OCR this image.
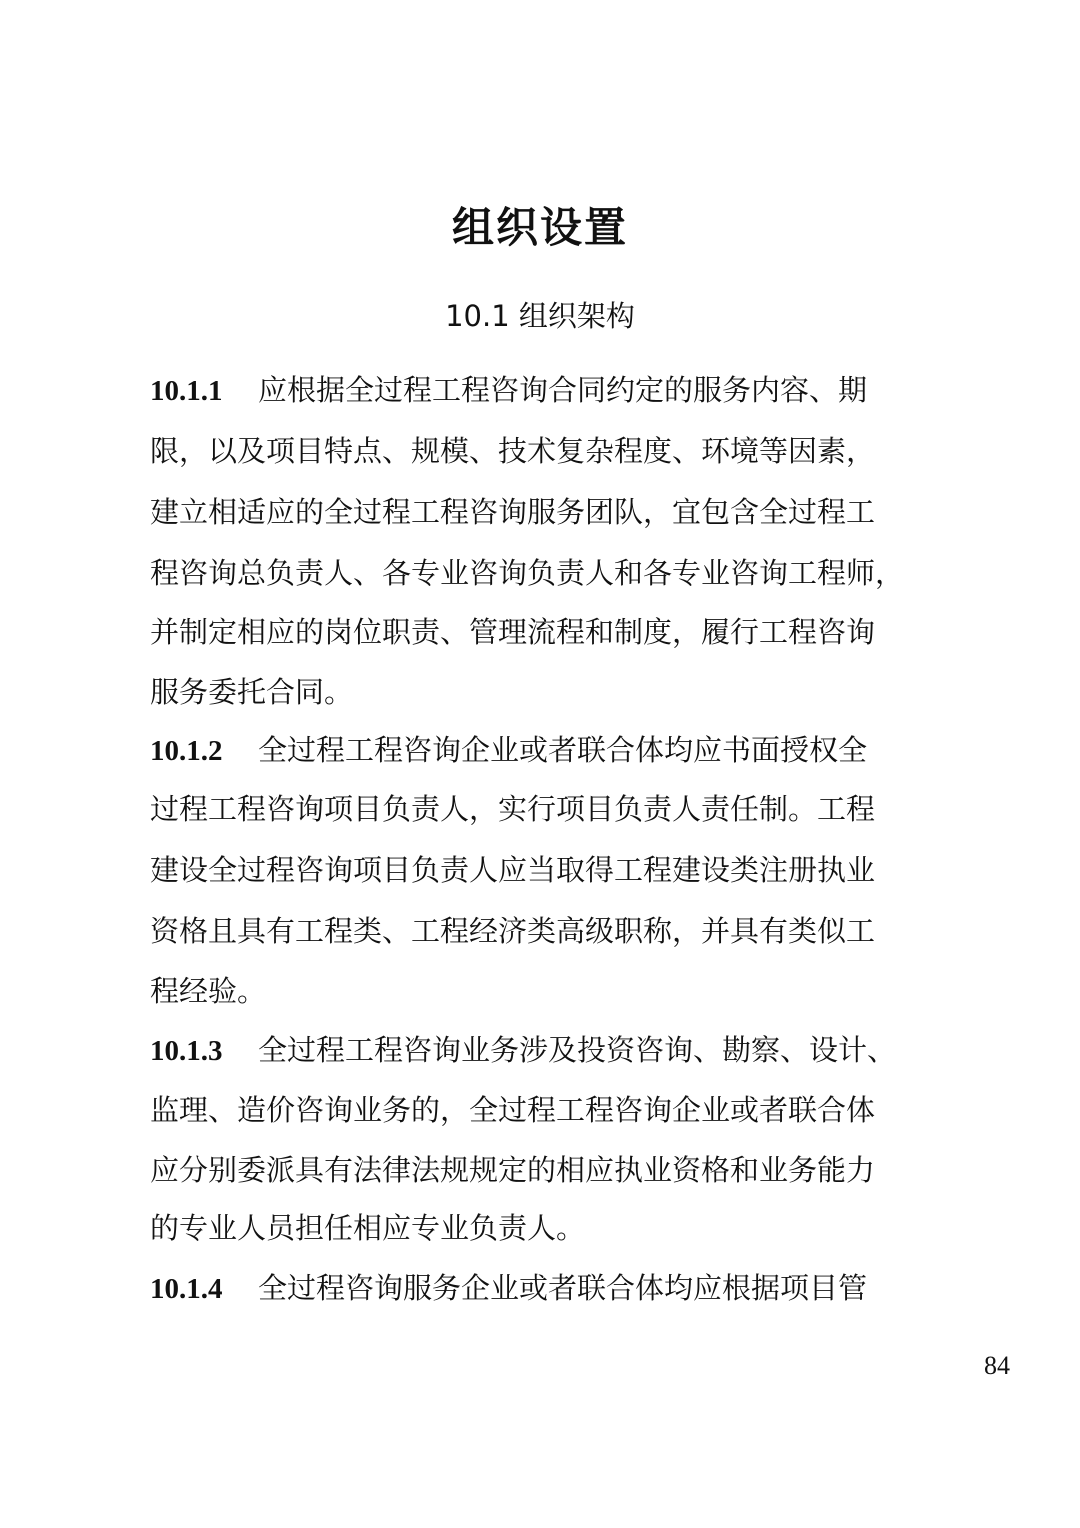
组织设置
10.1 组织架构
10.1.1 应根据全过程工程咨询合同约定的服务内容、期
限，以及项目特点、规模、技术复杂程度、环境等因素，
建立相适应的全过程工程咨询服务团队，宜包含全过程工
程咨询总负责人、各专业咨询负责人和各专业咨询工程师，
并制定相应的岗位职责、管理流程和制度，履行工程咨询
服务委托合同。
10.1.2 全过程工程咨询企业或者联合体均应书面授权全
过程工程咨询项目负责人，实行项目负责人责任制。工程
建设全过程咨询项目负责人应当取得工程建设类注册执业
资格且具有工程类、工程经济类高级职称，并具有类似工
程经验。
10.1.3 全过程工程咨询业务涉及投资咨询、勘察、设计、
监理、造价咨询业务的，全过程工程咨询企业或者联合体
应分别委派具有法律法规规定的相应执业资格和业务能力
的专业人员担任相应专业负责人。
10.1.4 全过程咨询服务企业或者联合体均应根据项目管
84
